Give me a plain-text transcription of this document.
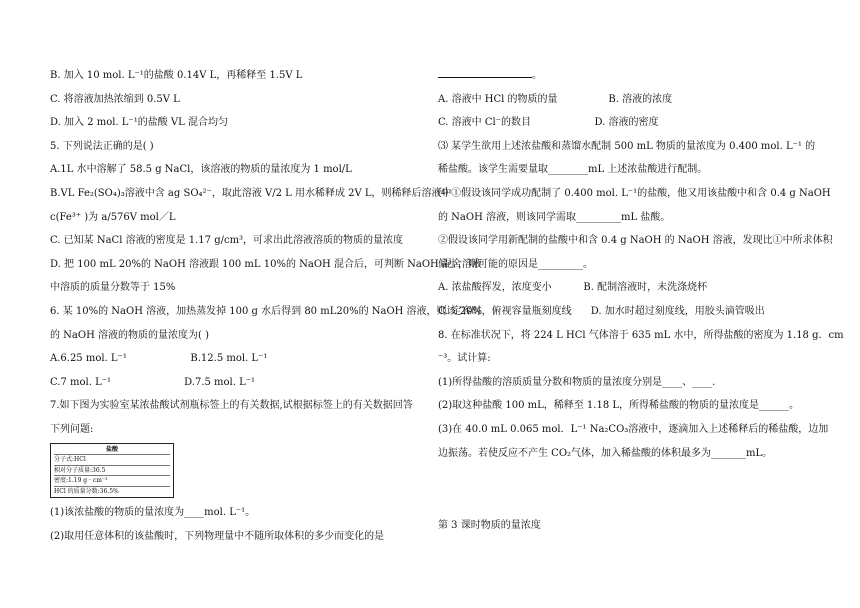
B. 加入 10 mol. L⁻¹的盐酸 0.14V L，再稀释至 1.5V L
C. 将溶液加热浓缩到 0.5V L
D. 加入 2 mol. L⁻¹的盐酸 VL 混合均匀
5. 下列说法正确的是( )
A.1L 水中溶解了 58.5 g NaCl，该溶液的物质的量浓度为 1 mol/L
B.VL Fe₂(SO₄)₃溶液中含 ag SO₄²⁻，取此溶液 V/2 L 用水稀释成 2V L，则稀释后溶液中
c(Fe³⁺ )为 a/576V mol／L
C. 已知某 NaCl 溶液的密度是 1.17 g/cm³，可求出此溶液溶质的物质的量浓度
D. 把 100 mL 20%的 NaOH 溶液跟 100 mL 10%的 NaOH 混合后，可判断 NaOH 混合溶液
中溶质的质量分数等于 15%
6. 某 10%的 NaOH 溶液，加热蒸发掉 100 g 水后得到 80 mL20%的 NaOH 溶液，则该 20%
的 NaOH 溶液的物质的量浓度为( )
A.6.25 mol. L⁻¹                    B.12.5 mol. L⁻¹
C.7 mol. L⁻¹                       D.7.5 mol. L⁻¹
7.如下图为实验室某浓盐酸试剂瓶标签上的有关数据,试根据标签上的有关数据回答
下列问题:
盐酸
分子式:HCl
相对分子质量:36.5
密度:1.19 g · cm⁻³
HCl 的质量分数:36.5%
(1)该浓盐酸的物质的量浓度为____mol. L⁻¹。
(2)取用任意体积的该盐酸时，下列物理量中不随所取体积的多少而变化的是
。
A. 溶液中 HCl 的物质的量                B. 溶液的浓度
C. 溶液中 Cl⁻的数目                    D. 溶液的密度
⑶ 某学生欲用上述浓盐酸和蒸馏水配制 500 mL 物质的量浓度为 0.400 mol. L⁻¹ 的
稀盐酸。该学生需要量取________mL 上述浓盐酸进行配制。
⑷ ①假设该同学成功配制了 0.400 mol. L⁻¹的盐酸，他又用该盐酸中和含 0.4 g NaOH
的 NaOH 溶液，则该同学需取_________mL 盐酸。
②假设该同学用新配制的盐酸中和含 0.4 g NaOH 的 NaOH 溶液，发现比①中所求体积
偏小，则可能的原因是_________。
A. 浓盐酸挥发，浓度变小          B. 配制溶液时，未洗涤烧杯
C. 定容时，俯视容量瓶刻度线      D. 加水时超过刻度线，用胶头滴管吸出
8. 在标准状况下，将 224 L HCl 气体溶于 635 mL 水中，所得盐酸的密度为 1.18 g．cm
⁻³。试计算:
(1)所得盐酸的溶质质量分数和物质的量浓度分别是____、____.
(2)取这种盐酸 100 mL，稀释至 1.18 L，所得稀盐酸的物质的量浓度是______。
(3)在 40.0 mL 0.065 mol．L⁻¹ Na₂CO₃溶液中，逐滴加入上述稀释后的稀盐酸，边加
边振荡。若使反应不产生 CO₂气体，加入稀盐酸的体积最多为_______mL。
第 3 课时物质的量浓度
